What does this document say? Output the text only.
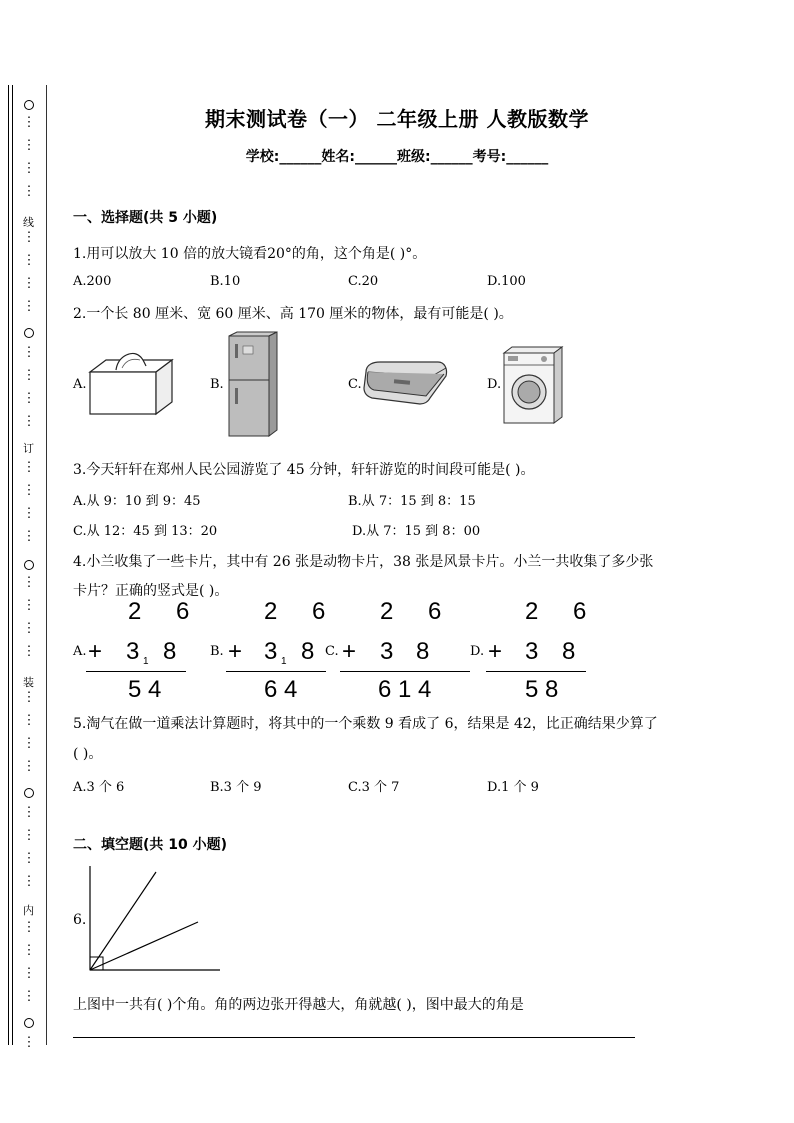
⋮
⋮
⋮
⋮
⋮
⋮
⋮
⋮
⋮
⋮
⋮
⋮
⋮
⋮
⋮
⋮
⋮
⋮
⋮
⋮
⋮
⋮
⋮
⋮
⋮
⋮
⋮
⋮
⋮
⋮
⋮
⋮
⋮
线
订
装
内
期末测试卷（一） 二年级上册 人教版数学
学校:______姓名:______班级:______考号:______
一、选择题(共 5 小题)
1.用可以放大 10 倍的放大镜看20°的角，这个角是( )°。
A.200	B.10	C.20	D.100
2.一个长 80 厘米、宽 60 厘米、高 170 厘米的物体，最有可能是( )。
A.	B.	C.	D.
3.今天轩轩在郑州人民公园游览了 45 分钟，轩轩游览的时间段可能是( )。
A.从 9：10 到 9：45	B.从 7：15 到 8：15
C.从 12：45 到 13：20	D.从 7：15 到 8：00
4.小兰收集了一些卡片，其中有 26 张是动物卡片，38 张是风景卡片。小兰一共收集了多少张
卡片？正确的竖式是( )。
A.
2 6
+ 3 1 8
5 4
B.
2 6
+ 3 1 8
6 4
C.
2 6
+ 3 8
6 1 4
D.
2 6
+ 3 8
5 8
5.淘气在做一道乘法计算题时，将其中的一个乘数 9 看成了 6，结果是 42，比正确结果少算了
( )。
A.3 个 6	B.3 个 9	C.3 个 7	D.1 个 9
二、填空题(共 10 小题)
6.
上图中一共有( )个角。角的两边张开得越大，角就越( )，图中最大的角是
